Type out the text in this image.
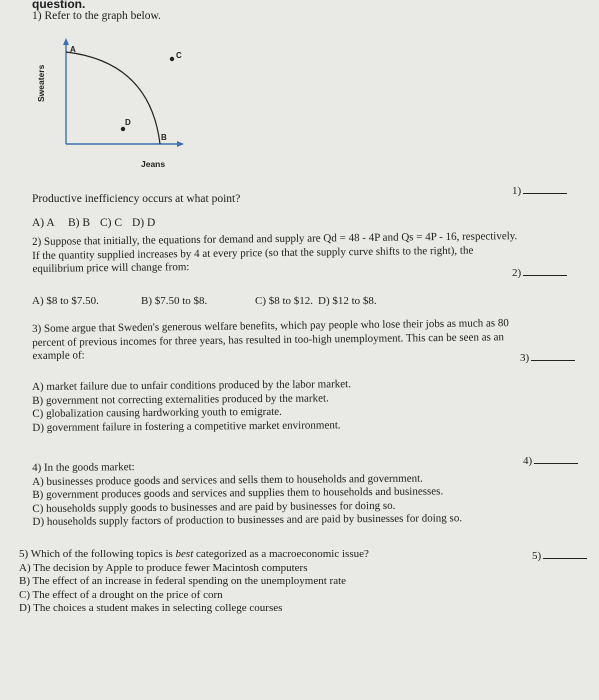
question.
1) Refer to the graph below.
A
B
C
D
Jeans
Sweaters
1)
Productive inefficiency occurs at what point?
A) A B) B C) C D) D
2) Suppose that initially, the equations for demand and supply are Qd = 48 - 4P and Qs = 4P - 16, respectively.
If the quantity supplied increases by 4 at every price (so that the supply curve shifts to the right), the
equilibrium price will change from:	2)
A) $8 to $7.50.	B) $7.50 to $8.	C) $8 to $12. D) $12 to $8.
3) Some argue that Sweden's generous welfare benefits, which pay people who lose their jobs as much as 80
percent of previous incomes for three years, has resulted in too-high unemployment. This can be seen as an
example of:	3)
A) market failure due to unfair conditions produced by the labor market.
B) government not correcting externalities produced by the market.
C) globalization causing hardworking youth to emigrate.
D) government failure in fostering a competitive market environment.
4)
4) In the goods market:
A) businesses produce goods and services and sells them to households and government.
B) government produces goods and services and supplies them to households and businesses.
C) households supply goods to businesses and are paid by businesses for doing so.
D) households supply factors of production to businesses and are paid by businesses for doing so.
5)
5) Which of the following topics is best categorized as a macroeconomic issue?
A) The decision by Apple to produce fewer Macintosh computers
B) The effect of an increase in federal spending on the unemployment rate
C) The effect of a drought on the price of corn
D) The choices a student makes in selecting college courses
